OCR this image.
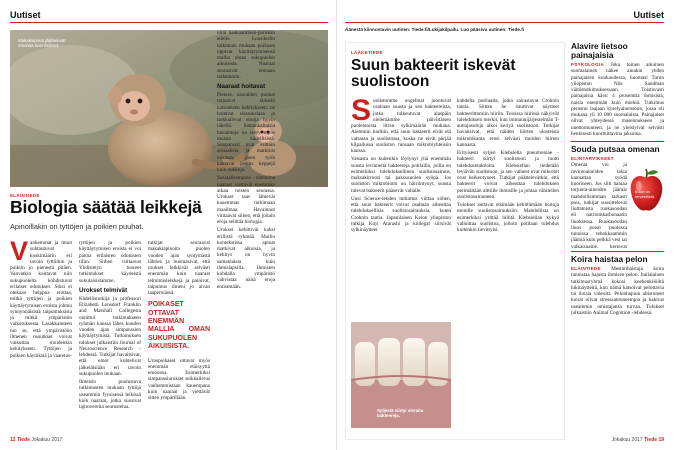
Uutiset
Makakiapinat jäljittelevät emonsa kuin ihmiset.
ELÄINTIEDE
Biologia säätää leikkejä
Apinoillakin on tyttöjen ja poikien puuhat.
V anhemmat ja muut suhtautuvat koskimäärin eri tavoin tyttöihin ja poikiin jo pienestä pitäen. Vanvatkin koittavat niin sukupuolelta kohdistuvat erilaiset odotukset. Siksi ei olekaan helppoa erottaa, mitkä tyttöjen ja poikien käyttäytymisen eroista johtuu synnynnäisistä taipumuksista ja mitkä ympäristön vaikutuksesta. Lasakkainteen tuo se, että ympäristöön ilmenen osoutkset voivat vaikuttaa muidenkin kehitykseen. Tyttöjen ja poikien käytöksiä ja vaatetus-

tyttöjen ja poikien käyttäytymisen eroista ei voi panna erilaisten odotusten tiliin. Siihen viittaavat Yhdistetyn tuoreet tutkimukset käydeistä sukulaisistamme.

Urokset telmivät

Kädellistutkija ja professori Elizabeth Lonsdorf Franklin and Marshall Collegesta onnittui tutkimukseen ryhmän kanssa lähes kuuden vuoden ajan simpanssien käyttäytymistä. Tutkimuksen tulokset julkaistiin Journal of Neuroscience Research -lehdessä. Tutkijat havaitsivat, että emot kohtelivat jälkeläisiään eri tavoin sukupuolen mukaan.

Ilmeisin puolustava tutkimusten mukaan tyttöjä useammin fyysisessä leikissä kuin naaraat, jotka suosivat lajitovereita seurustelua.

tutkijat seuraavat makakiapinoita puolen vuoden ajan syntymästä lähtien ja huomasivat, että urokset leikkivät selvästi enemmän kuin naaraat telmimisleikkejä ja painivat, taipumus ilmeni jo aivan taaperoiässä.

POIKASET OTTAVAT ENEMMÄN MALLIA OMAN SUKUPUOLEN AIKUISISTA.

Urospoikaset ottavat myös enemmän etäisyyttä emoonsa. Esimerkiksi simpanssiurokset seikkailevat vanhemmistaan kauempana kuin naaraat ja viettävät sitten ympärillään.

niitä hankaaminen-porukan edelle. Lonsdorfin tulkinnan mukaan poikaset oppivat käyttäytymisensä mallia oman sukupuolen aikuisista. Naaraat seurasivat emoaan tarkemmin.

Naaraat hoitavat

Pienten naaraiden puuhat tarjoavat tärkeän katsauksen kehitykseen: ne hoitavat sisaruksiaan ja tarkkailevat emoja hyvin lähellä. Samankaltaisia havaintoja on tehty myös muista kädellisistä. Simpanssit ovat erittäin sosiaalisia ja matkivat toisiaan, joten tytöt kantavat joskus keppejä kuin nukkeja.

Sosiaalisempina olentoina naaraat viettävät enemmän aikaa toisten seurassa. Urokset taas lähtevät kauemmas tutkimaan maailmaa. Havainnot viittaavat siihen, että joitain eroja selittää biologia.

Urokset kehittivät kaksi erillistä ryhmää. Mallin kontekstissa apinat matkivat aikuisia, ja kehitys on hyvin samanlaista kuin ihmislapsilla. Ihmisten kohdalla ympäristö vahvistaa näitä eroja entisestään.

12 Tiede Jokakuu 2017
Uutiset
Äänestä kiinnostavin uutinen: Tiede.fi/Lukijakilpailu. Luo pääsivu uutinen: Tiede.fi
LÄÄKETIEDE
Suun bakteerit iskevät suolistoon
S uolistomme ongelmat juontuvat osaltaan suusta ja sen bakteereista, jotka tulkeutuvat alaspäin nielemämme päivittäisen puolentoista litran sylkimäärän mukana. Aiemmin luultiin, että suun bakteerit eivät elä vatsassa ja suolistossa, koska ne eivät pärjää kilpailussa suoliston runsaan mikrobiyhteisön kanssa.

Vatsasta on kuitenkin löytynyt yhä enemmän suusta levinneitä bakteereja potilailla, joilla on esimerkiksi tulehduksellinen suolistosairaus, maksakirroosi tai paksusuolen syöpä. Jos suoliston mikrobiomi on häiriintynyt, suusta tulevat bakteerit pääsevät vallalle.

Uusi Science-lehden tutkimus viittaa siihen, että suun bakteerit voivat osaltaan aiheuttaa tulehduksellisia suolistosairauksia, kuten Crohnin tautia. Japanilaisen Keion yliopiston tutkija Koji Atarashi ja kollegat siirsivät sylkinäytteet

Syljestä siirtyi vieraita bakteereja.

kahdelta potilaalta, jotka sairastavat Crohnin tautia. Siitten he istuttivat näytteet bakteerittomiin hiiriin. Toisissa hiirissä näkyivät tulehduksen merkit, kun immuunijärjestelmän T-auttajasoluja alkoi kertyä suolistoon. Tutkijat havaitsivat, että näiden hiirten ulosteista mikrobikanta erosi selvästi muiden hiirten kannasta.

Erityisesti syljen Klebsiella pneumoniae -bakteeri siirtyi suolistoon ja tuotti tulehdusreaktioita. Klebsiellan tiedetään leviävän suolistoon, ja sen vaiheet ovat mikrobit ovat heikentyneet. Tutkijat päättelevätkin, että bakteerit voivat aiheuttaa tulehduksen perimältään alttiille ihmisille ja johtaa vähitellen suolistosairauteen.

Tulokset auttavat etsimään kehittämään hoitoja monille suolistosairauksiin. Mahdollista on esimerkiksi yrittää hillitä Klebsiellan kykyä valloittaa suolistoa, jolloin potilaan tulehdus kuitenkin lievittyisi.

Alavire lietsoo painajaisia
PSYKOLOGIA Joka toinen aikuinen suomalainen näkee ainakin yhden painajaisen kuukaudessa, huomasi Turun yliopiston Nils Sandman väitöstutkimuksessaan. Toistuvasti painajaisia kärsi 4 prosenttia ihmisistä, naisia enemmän kuin miehiä. Tutkimus perustui laajaan kyselyaineistoon, jossa oli mukana yli 10 000 suomalaista. Painajaiset olivat yhteydessä masennukseen ja unettomuuteen, ja ne yleistyivät selvästi henkisesti kuormittavina jaksoina.
Souda putsaa omenan
ELINTARVIKKEET Omenat voi ja ravintoaineiden takia kannattaa syödä kuorineen. Jos silti haluaa torjunta-aineiden jäämät mahdollisimman tarkasti pois, tutkijat suosittelevat liottamista ruokasoodan eli natriumkarbonaatin liuoksessa. Ruokasoodan liuos poisti puolessa tunnissa tehokkaammin jäämiä kuin pelkkä vesi tai valkaisuaine, kertovat
Kuori on terveellistä.
Koira haistaa pelon
ELÄINTIEDE Mestarihaistaja koira tunnistaa hajusta ihmisen pelon. Italialainen tutkimusryhmä kokosi koehenkilöiltä hikinäytteitä, kun nämä katsoivat pelottavia tai iloisia videoita. Pelonhajuun altistuneet koirat olivat stressaantuneempia ja hakivat useammin omistajansa turvaa. Tulokset julkaistiin Animal Cognition -lehdessä.
Jokakuu 2017 Tiede 19
